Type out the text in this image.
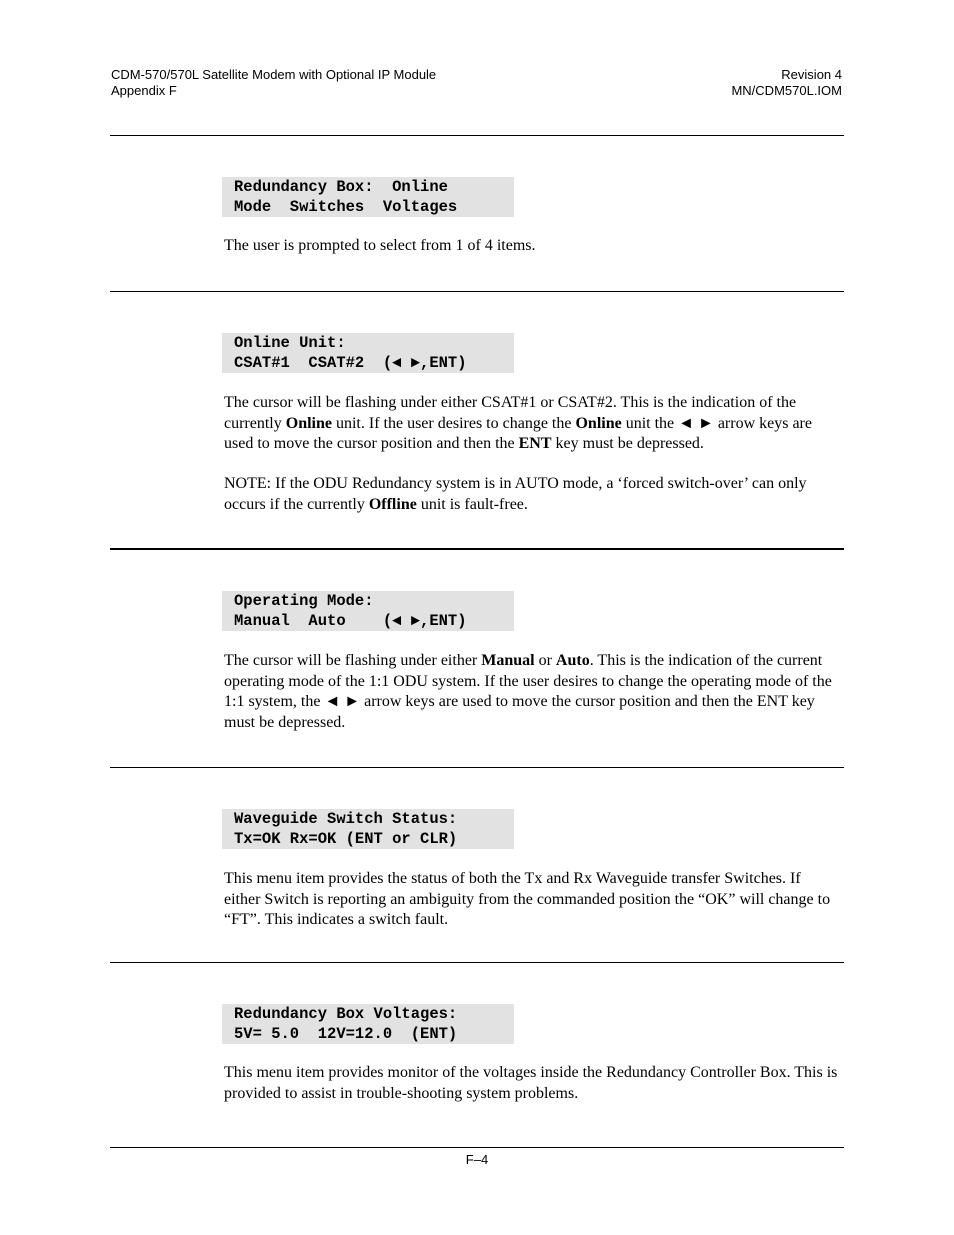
CDM-570/570L Satellite Modem with Optional IP Module
Appendix F
Revision 4
MN/CDM570L.IOM
Redundancy Box:  Online
Mode  Switches  Voltages
The user is prompted to select from 1 of 4 items.
Online Unit:
CSAT#1  CSAT#2  (◄ ►,ENT)
The cursor will be flashing under either CSAT#1 or CSAT#2. This is the indication of the currently Online unit. If the user desires to change the Online unit the ◄ ► arrow keys are used to move the cursor position and then the ENT key must be depressed.
NOTE: If the ODU Redundancy system is in AUTO mode, a ‘forced switch-over’ can only occurs if the currently Offline unit is fault-free.
Operating Mode:
Manual  Auto    (◄ ►,ENT)
The cursor will be flashing under either Manual or Auto. This is the indication of the current operating mode of the 1:1 ODU system. If the user desires to change the operating mode of the 1:1 system, the ◄ ► arrow keys are used to move the cursor position and then the ENT key must be depressed.
Waveguide Switch Status:
Tx=OK Rx=OK (ENT or CLR)
This menu item provides the status of both the Tx and Rx Waveguide transfer Switches. If either Switch is reporting an ambiguity from the commanded position the “OK” will change to “FT”. This indicates a switch fault.
Redundancy Box Voltages:
5V= 5.0  12V=12.0  (ENT)
This menu item provides monitor of the voltages inside the Redundancy Controller Box. This is provided to assist in trouble-shooting system problems.
F–4
